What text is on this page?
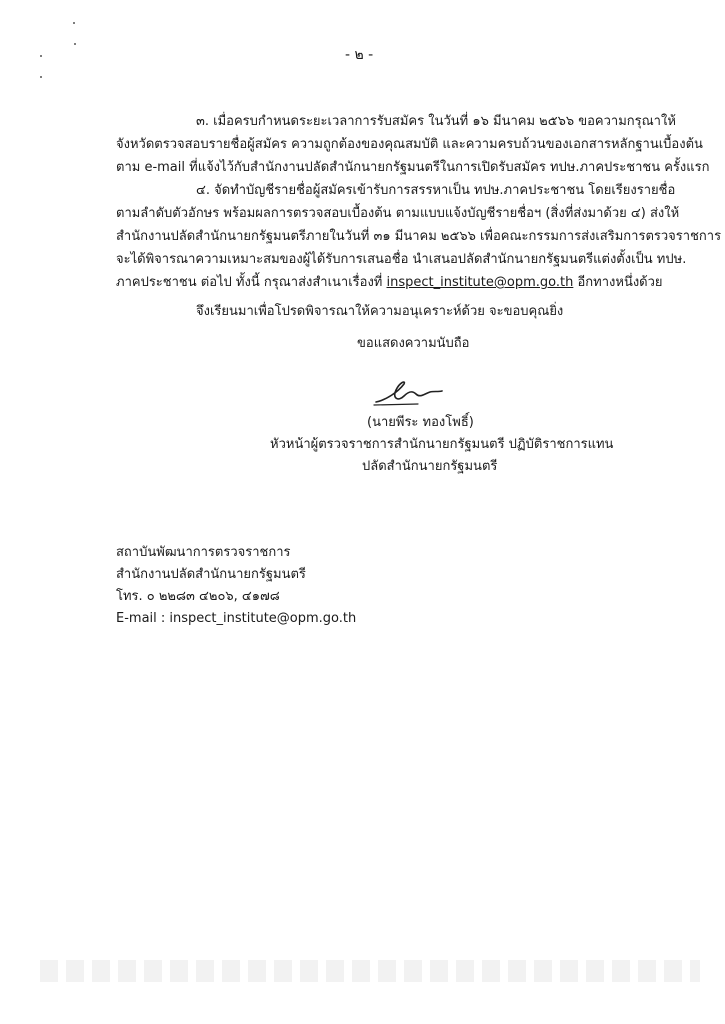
- ๒ -
๓. เมื่อครบกำหนดระยะเวลาการรับสมัคร ในวันที่ ๑๖ มีนาคม ๒๕๖๖ ขอความกรุณาให้
จังหวัดตรวจสอบรายชื่อผู้สมัคร ความถูกต้องของคุณสมบัติ และความครบถ้วนของเอกสารหลักฐานเบื้องต้น
ตาม e-mail ที่แจ้งไว้กับสำนักงานปลัดสำนักนายกรัฐมนตรีในการเปิดรับสมัคร ทปษ.ภาคประชาชน ครั้งแรก
๔. จัดทำบัญชีรายชื่อผู้สมัครเข้ารับการสรรหาเป็น ทปษ.ภาคประชาชน โดยเรียงรายชื่อ
ตามลำดับตัวอักษร พร้อมผลการตรวจสอบเบื้องต้น ตามแบบแจ้งบัญชีรายชื่อฯ (สิ่งที่ส่งมาด้วย ๔) ส่งให้
สำนักงานปลัดสำนักนายกรัฐมนตรีภายในวันที่ ๓๑ มีนาคม ๒๕๖๖ เพื่อคณะกรรมการส่งเสริมการตรวจราชการ
จะได้พิจารณาความเหมาะสมของผู้ได้รับการเสนอชื่อ นำเสนอปลัดสำนักนายกรัฐมนตรีแต่งตั้งเป็น ทปษ.
ภาคประชาชน ต่อไป ทั้งนี้ กรุณาส่งสำเนาเรื่องที่ inspect_institute@opm.go.th อีกทางหนึ่งด้วย
จึงเรียนมาเพื่อโปรดพิจารณาให้ความอนุเคราะห์ด้วย จะขอบคุณยิ่ง
ขอแสดงความนับถือ
(นายพีระ ทองโพธิ์)
หัวหน้าผู้ตรวจราชการสำนักนายกรัฐมนตรี ปฏิบัติราชการแทน
ปลัดสำนักนายกรัฐมนตรี
สถาบันพัฒนาการตรวจราชการ
สำนักงานปลัดสำนักนายกรัฐมนตรี
โทร. ๐ ๒๒๘๓ ๔๒๐๖, ๔๑๗๘
E-mail : inspect_institute@opm.go.th
